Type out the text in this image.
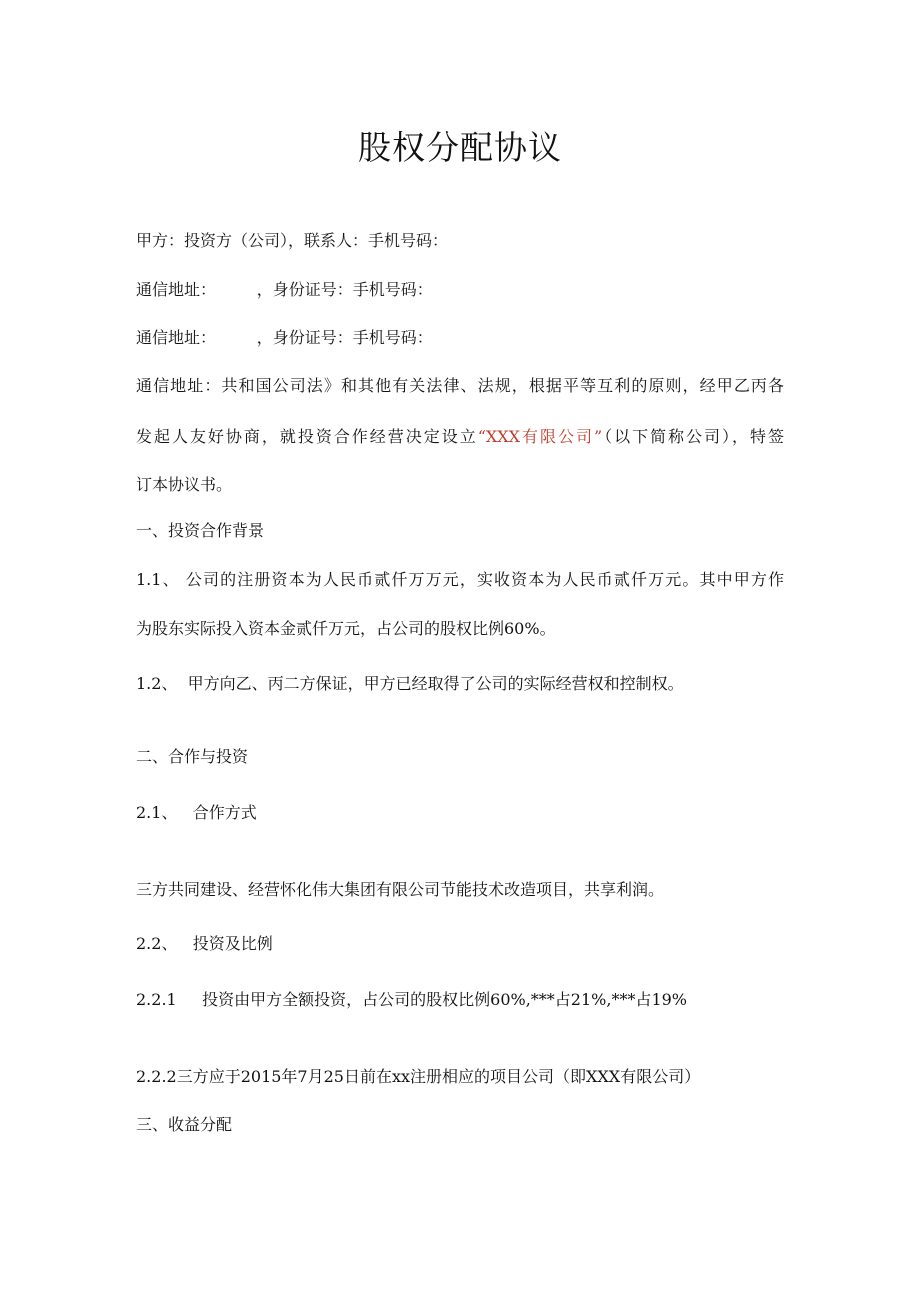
股权分配协议

甲方：投资方（公司），联系人：手机号码：

通信地址：        ，身份证号：手机号码：

通信地址：        ，身份证号：手机号码：

通信地址：共和国公司法》和其他有关法律、法规，根据平等互利的原则，经甲乙丙各

发起人友好协商，就投资合作经营决定设立“XXX有限公司”（以下简称公司），特签

订本协议书。

一、投资合作背景

1.1、 公司的注册资本为人民币贰仟万万元，实收资本为人民币贰仟万元。其中甲方作

为股东实际投入资本金贰仟万元，占公司的股权比例60%。

1.2、  甲方向乙、丙二方保证，甲方已经取得了公司的实际经营权和控制权。

二、合作与投资

2.1、   合作方式

三方共同建设、经营怀化伟大集团有限公司节能技术改造项目，共享利润。

2.2、   投资及比例

2.2.1     投资由甲方全额投资，占公司的股权比例60%,***占21%,***占19%

2.2.2三方应于2015年7月25日前在xx注册相应的项目公司（即XXX有限公司）

三、收益分配
